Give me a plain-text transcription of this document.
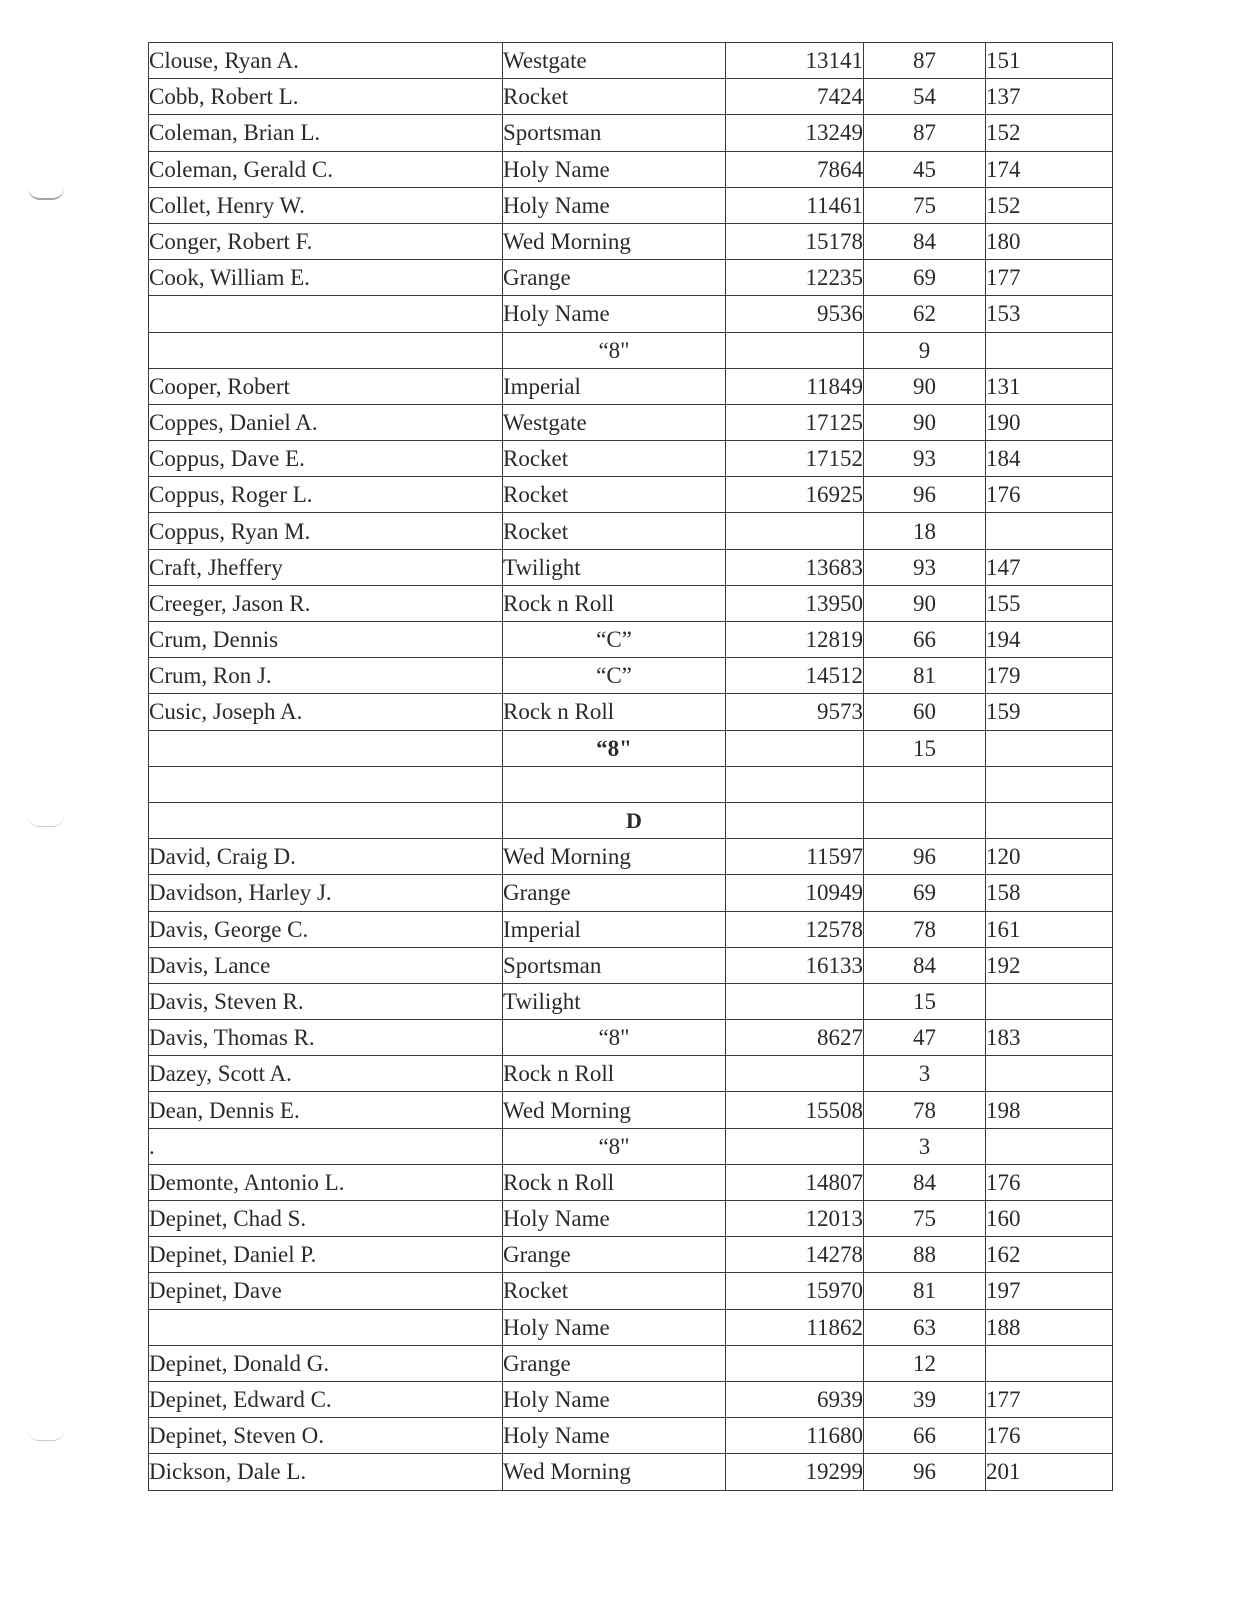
Clouse, Ryan A.	Westgate	13141	87	151
Cobb, Robert L.	Rocket	7424	54	137
Coleman, Brian L.	Sportsman	13249	87	152
Coleman, Gerald C.	Holy Name	7864	45	174
Collet, Henry W.	Holy Name	11461	75	152
Conger, Robert F.	Wed Morning	15178	84	180
Cook, William E.	Grange	12235	69	177
	Holy Name	9536	62	153
	“8"		9	
Cooper, Robert	Imperial	11849	90	131
Coppes, Daniel A.	Westgate	17125	90	190
Coppus, Dave E.	Rocket	17152	93	184
Coppus, Roger L.	Rocket	16925	96	176
Coppus, Ryan M.	Rocket		18	
Craft, Jheffery	Twilight	13683	93	147
Creeger, Jason R.	Rock n Roll	13950	90	155
Crum, Dennis	“C”	12819	66	194
Crum, Ron J.	“C”	14512	81	179
Cusic, Joseph A.	Rock n Roll	9573	60	159
	“8"		15	

	D			
David, Craig D.	Wed Morning	11597	96	120
Davidson, Harley J.	Grange	10949	69	158
Davis, George C.	Imperial	12578	78	161
Davis, Lance	Sportsman	16133	84	192
Davis, Steven R.	Twilight		15	
Davis, Thomas R.	“8"	8627	47	183
Dazey, Scott A.	Rock n Roll		3	
Dean, Dennis E.	Wed Morning	15508	78	198
.	“8"		3	
Demonte, Antonio L.	Rock n Roll	14807	84	176
Depinet, Chad S.	Holy Name	12013	75	160
Depinet, Daniel P.	Grange	14278	88	162
Depinet, Dave	Rocket	15970	81	197
	Holy Name	11862	63	188
Depinet, Donald G.	Grange		12	
Depinet, Edward C.	Holy Name	6939	39	177
Depinet, Steven O.	Holy Name	11680	66	176
Dickson, Dale L.	Wed Morning	19299	96	201
